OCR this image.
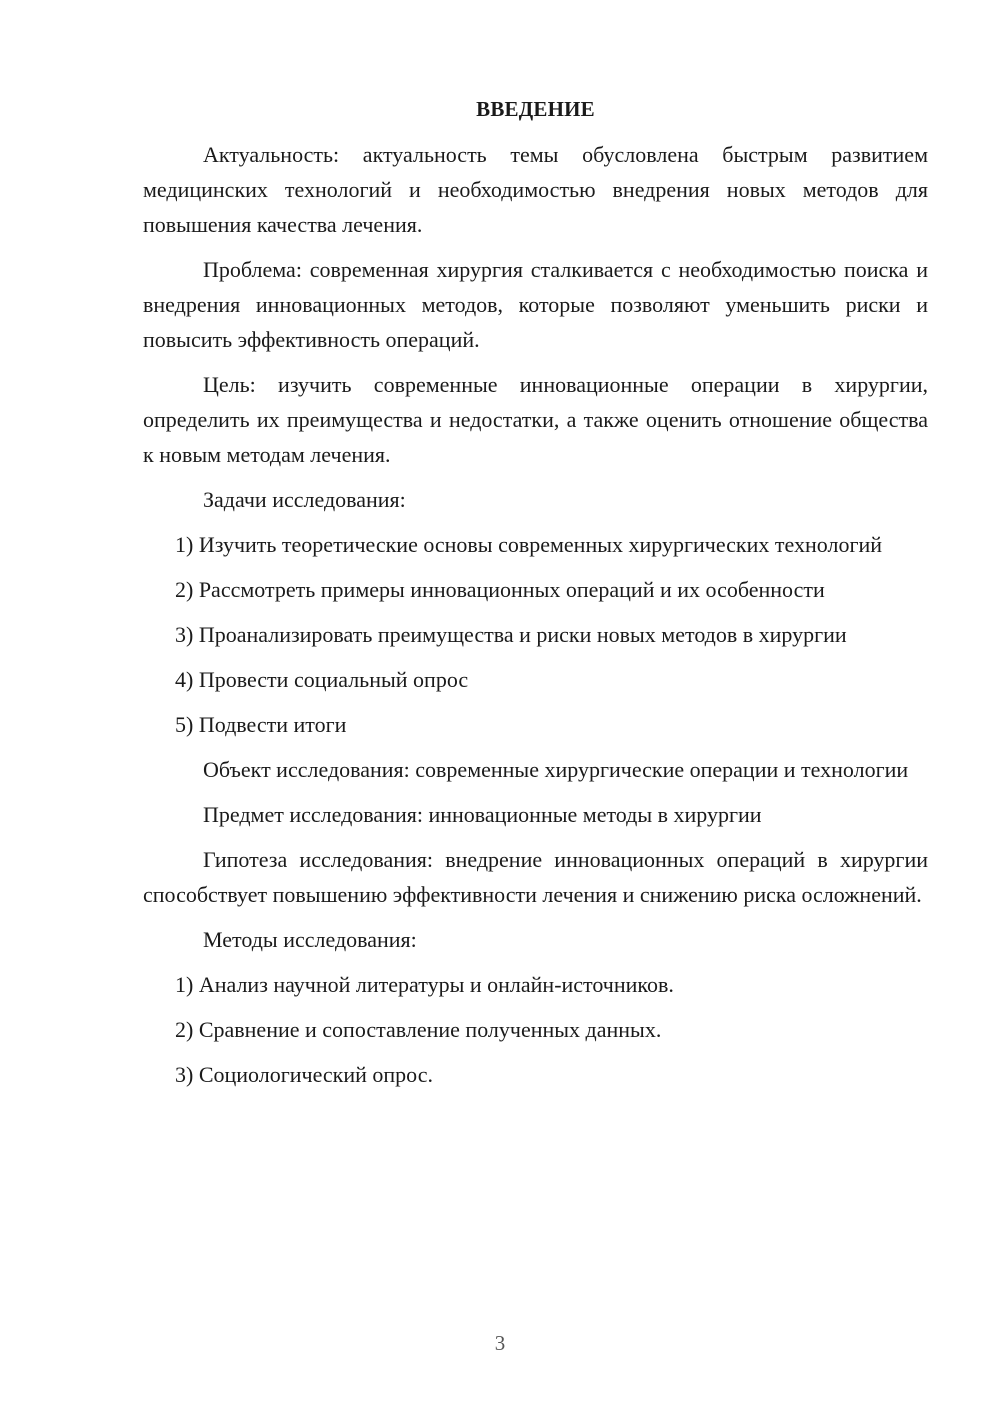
ВВЕДЕНИЕ
Актуальность: актуальность темы обусловлена быстрым развитием медицинских технологий и необходимостью внедрения новых методов для повышения качества лечения.
Проблема: современная хирургия сталкивается с необходимостью поиска и внедрения инновационных методов, которые позволяют уменьшить риски и повысить эффективность операций.
Цель: изучить современные инновационные операции в хирургии, определить их преимущества и недостатки, а также оценить отношение общества к новым методам лечения.
Задачи исследования:
1) Изучить теоретические основы современных хирургических технологий
2) Рассмотреть примеры инновационных операций и их особенности
3) Проанализировать преимущества и риски новых методов в хирургии
4) Провести социальный опрос
5) Подвести итоги
Объект исследования: современные хирургические операции и технологии
Предмет исследования: инновационные методы в хирургии
Гипотеза исследования: внедрение инновационных операций в хирургии способствует повышению эффективности лечения и снижению риска осложнений.
Методы исследования:
1) Анализ научной литературы и онлайн-источников.
2) Сравнение и сопоставление полученных данных.
3) Социологический опрос.
3
